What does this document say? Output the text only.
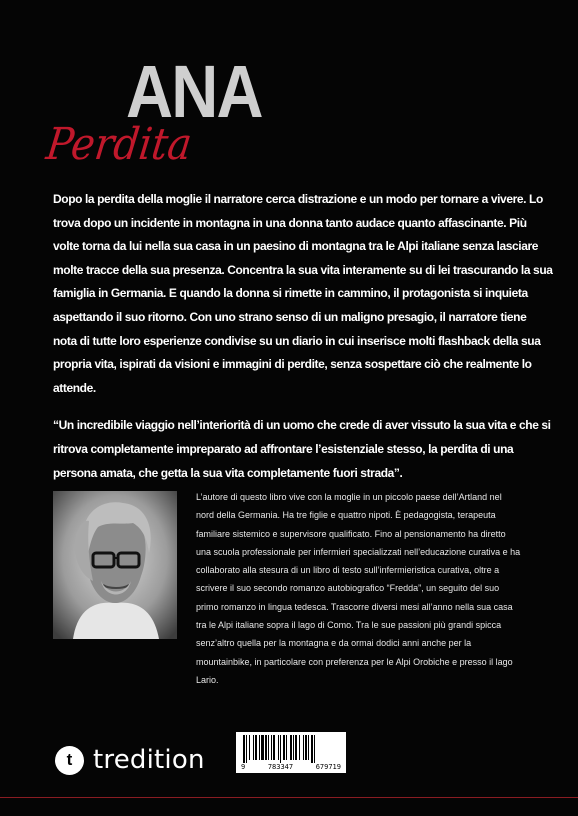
ANA
Perdita

Dopo la perdita della moglie il narratore cerca distrazione e un modo per tornare a vivere. Lo trova dopo un incidente in montagna in una donna tanto audace quanto affascinante. Più volte torna da lui nella sua casa in un paesino di montagna tra le Alpi italiane senza lasciare molte tracce della sua presenza. Concentra la sua vita interamente su di lei trascurando la sua famiglia in Germania. E quando la donna si rimette in cammino, il protagonista si inquieta aspettando il suo ritorno. Con uno strano senso di un maligno presagio, il narratore tiene nota di tutte loro esperienze condivise su un diario in cui inserisce molti flashback della sua propria vita, ispirati da visioni e immagini di perdite, senza sospettare ciò che realmente lo attende.

“Un incredibile viaggio nell’interiorità di un uomo che crede di aver vissuto la sua vita e che si ritrova completamente impreparato ad affrontare l’esistenziale stesso, la perdita di una persona amata, che getta la sua vita completamente fuori strada”.

L’autore di questo libro vive con la moglie in un piccolo paese dell’Artland nel nord della Germania. Ha tre figlie e quattro nipoti. È pedagogista, terapeuta familiare sistemico e supervisore qualificato. Fino al pensionamento ha diretto una scuola professionale per infermieri specializzati nell’educazione curativa e ha collaborato alla stesura di un libro di testo sull’infermieristica curativa, oltre a scrivere il suo secondo romanzo autobiografico “Fredda”, un seguito del suo primo romanzo in lingua tedesca. Trascorre diversi mesi all’anno nella sua casa tra le Alpi italiane sopra il lago di Como. Tra le sue passioni più grandi spicca senz’altro quella per la montagna e da ormai dodici anni anche per la mountainbike, in particolare con preferenza per le Alpi Orobiche e presso il lago Lario.
t tredition	9	783347	679719
